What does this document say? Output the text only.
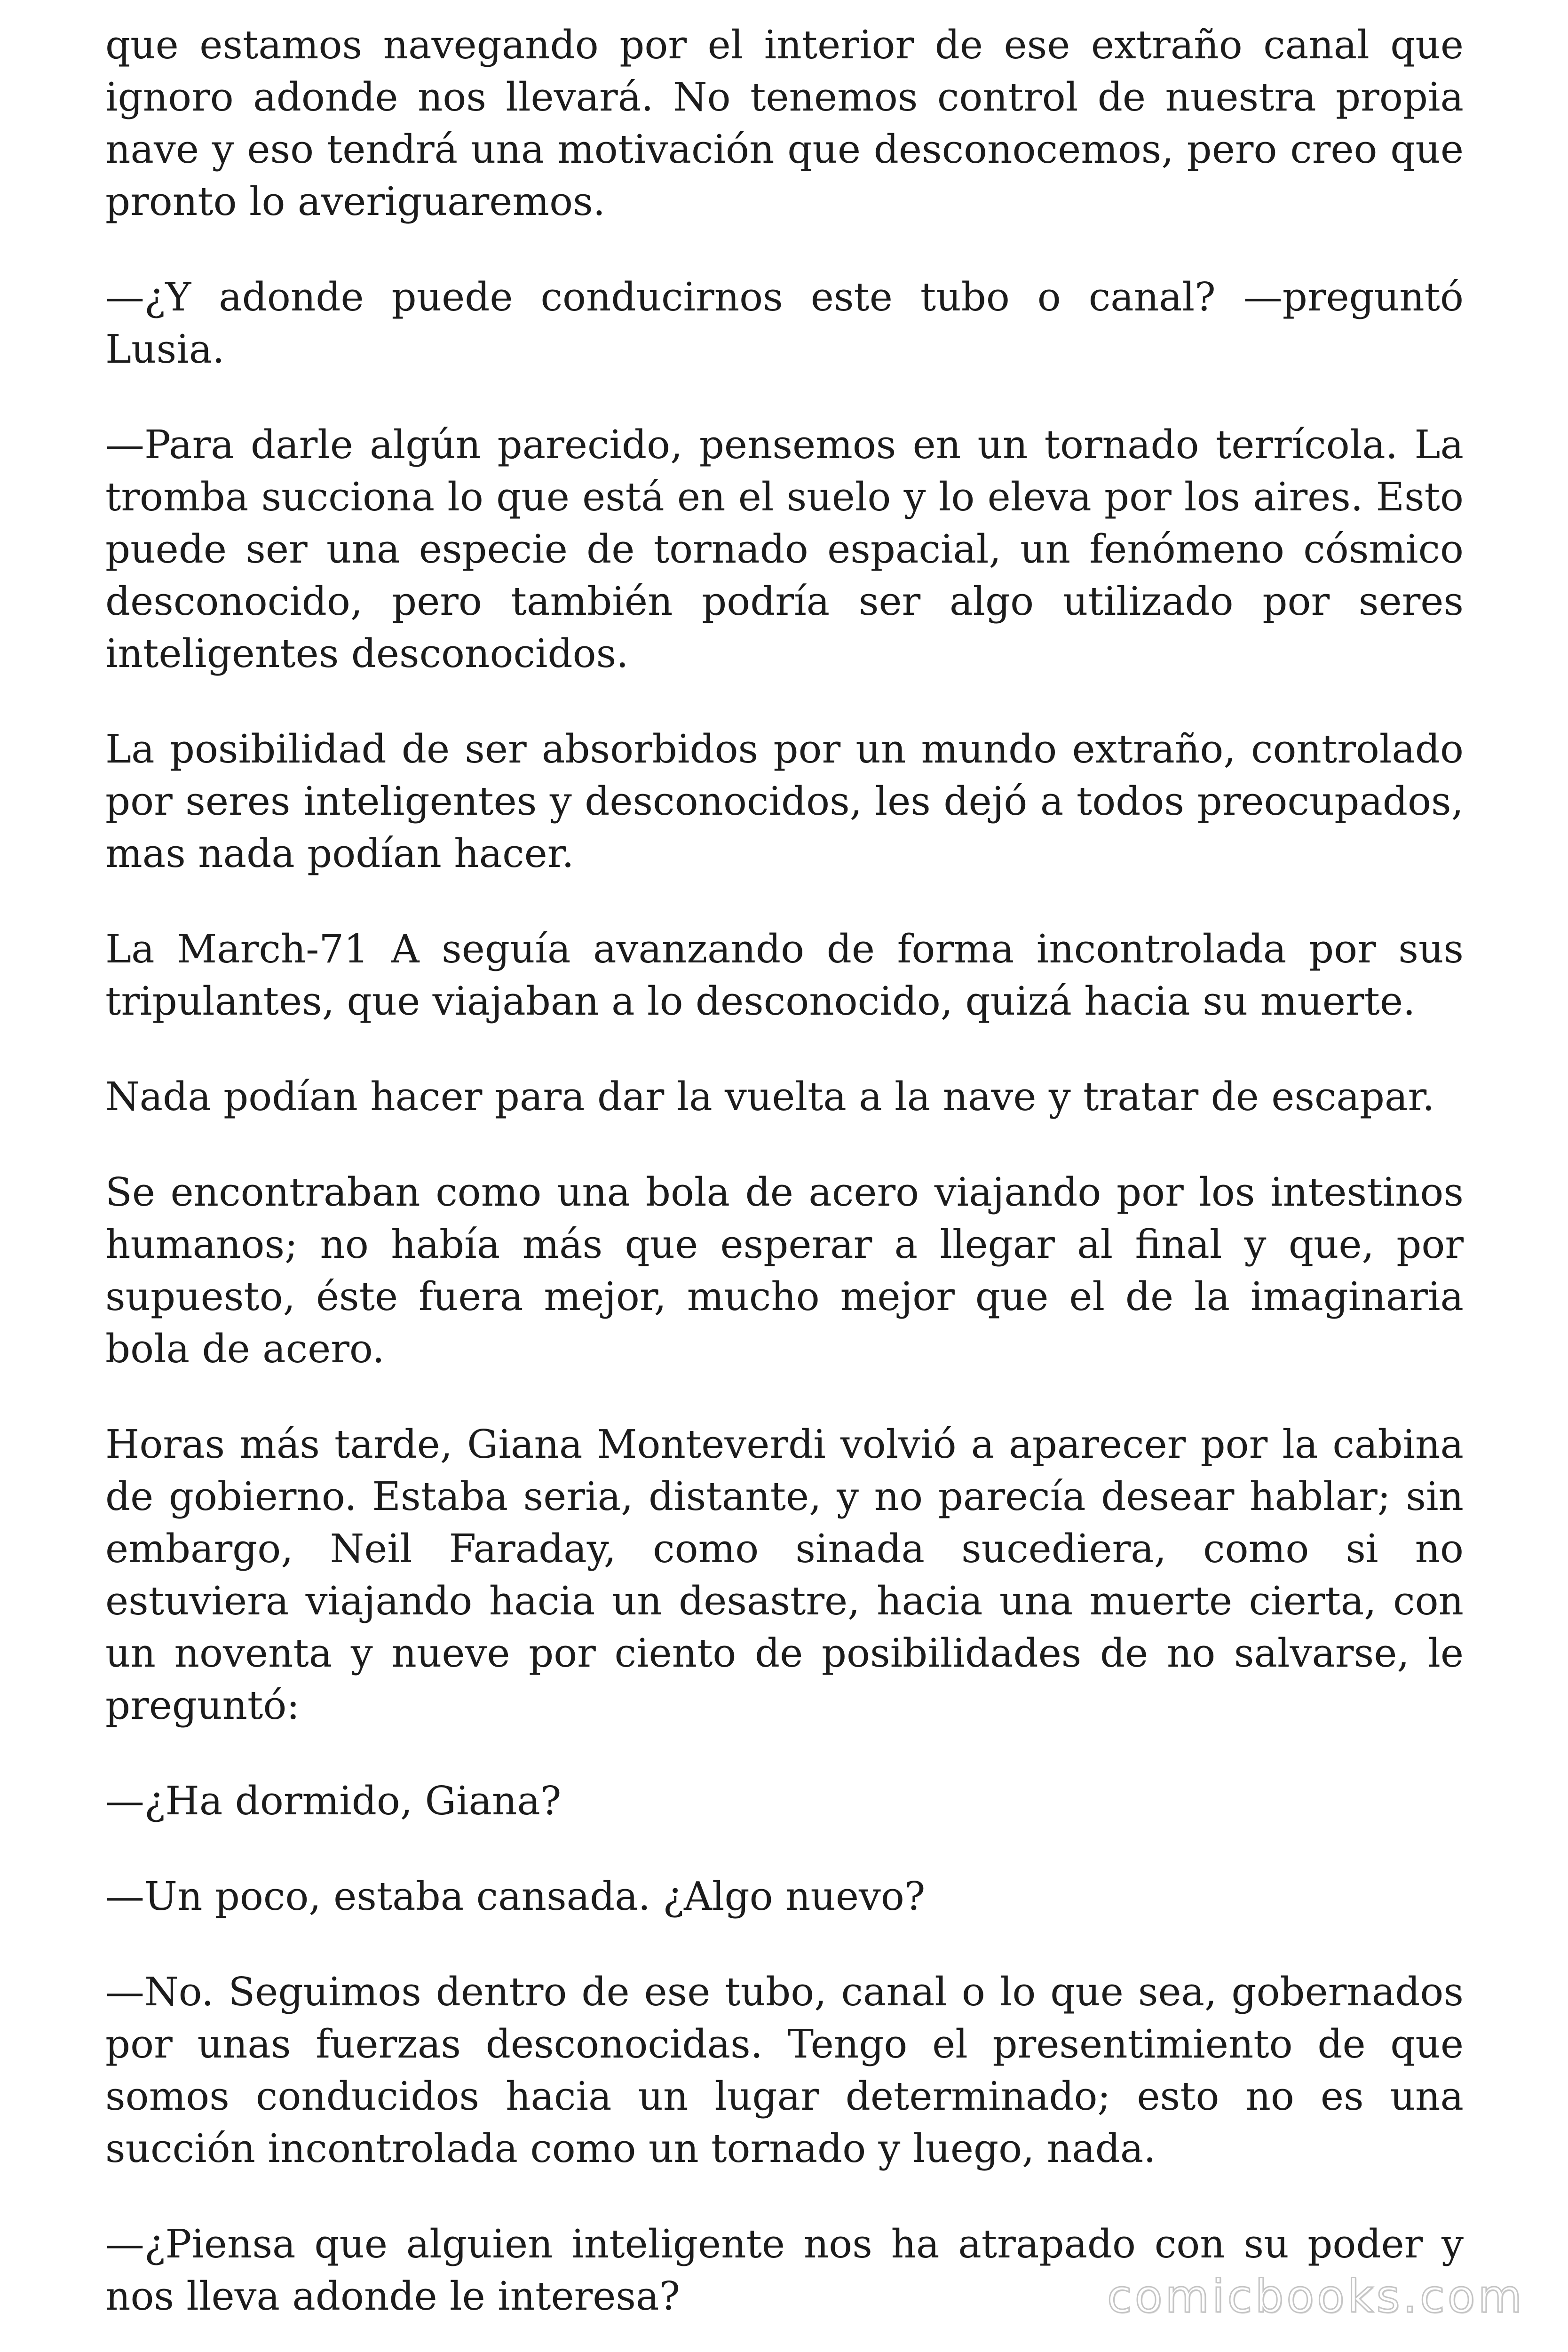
que estamos navegando por el interior de ese extraño canal que ignoro adonde nos llevará. No tenemos control de nuestra propia nave y eso tendrá una motivación que desconocemos, pero creo que pronto lo averiguaremos.

—¿Y adonde puede conducirnos este tubo o canal? —preguntó Lusia.

—Para darle algún parecido, pensemos en un tornado terrícola. La tromba succiona lo que está en el suelo y lo eleva por los aires. Esto puede ser una especie de tornado espacial, un fenómeno cósmico desconocido, pero también podría ser algo utilizado por seres inteligentes desconocidos.

La posibilidad de ser absorbidos por un mundo extraño, controlado por seres inteligentes y desconocidos, les dejó a todos preocupados, mas nada podían hacer.

La March-71 A seguía avanzando de forma incontrolada por sus tripulantes, que viajaban a lo desconocido, quizá hacia su muerte.

Nada podían hacer para dar la vuelta a la nave y tratar de escapar.

Se encontraban como una bola de acero viajando por los intestinos humanos; no había más que esperar a llegar al final y que, por supuesto, éste fuera mejor, mucho mejor que el de la imaginaria bola de acero.

Horas más tarde, Giana Monteverdi volvió a aparecer por la cabina de gobierno. Estaba seria, distante, y no parecía desear hablar; sin embargo, Neil Faraday, como sinada sucediera, como si no estuviera viajando hacia un desastre, hacia una muerte cierta, con un noventa y nueve por ciento de posibilidades de no salvarse, le preguntó:

—¿Ha dormido, Giana?

—Un poco, estaba cansada. ¿Algo nuevo?

—No. Seguimos dentro de ese tubo, canal o lo que sea, gobernados por unas fuerzas desconocidas. Tengo el presentimiento de que somos conducidos hacia un lugar determinado; esto no es una succión incontrolada como un tornado y luego, nada.

—¿Piensa que alguien inteligente nos ha atrapado con su poder y nos lleva adonde le interesa?	comicbooks.com
